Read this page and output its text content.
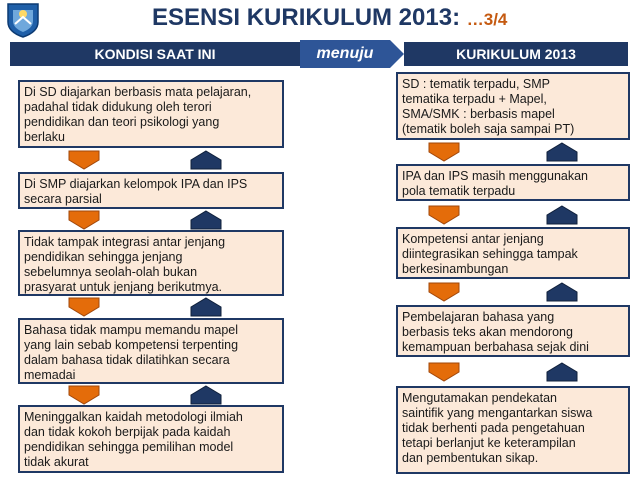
ESENSI KURIKULUM 2013: …3/4
KONDISI SAAT INI	menuju	KURIKULUM 2013
Di SD diajarkan berbasis mata pelajaran,
padahal tidak didukung oleh terori
pendidikan dan teori psikologi yang
berlaku
Di SMP diajarkan kelompok IPA dan IPS
secara parsial
Tidak tampak integrasi antar jenjang
pendidikan sehingga jenjang
sebelumnya seolah-olah bukan
prasyarat untuk jenjang berikutmya.
Bahasa tidak mampu memandu mapel
yang lain sebab kompetensi terpenting
dalam bahasa tidak dilatihkan secara
memadai
Meninggalkan kaidah metodologi ilmiah
dan tidak kokoh berpijak pada kaidah
pendidikan sehingga pemilihan model
tidak akurat
SD : tematik terpadu, SMP
tematika terpadu + Mapel,
SMA/SMK : berbasis mapel
(tematik boleh saja sampai PT)
IPA dan IPS masih menggunakan
pola tematik terpadu
Kompetensi antar jenjang
diintegrasikan sehingga tampak
berkesinambungan
Pembelajaran bahasa yang
berbasis teks akan mendorong
kemampuan berbahasa sejak dini
Mengutamakan pendekatan
saintifik yang mengantarkan siswa
tidak berhenti pada pengetahuan
tetapi berlanjut ke keterampilan
dan pembentukan sikap.
